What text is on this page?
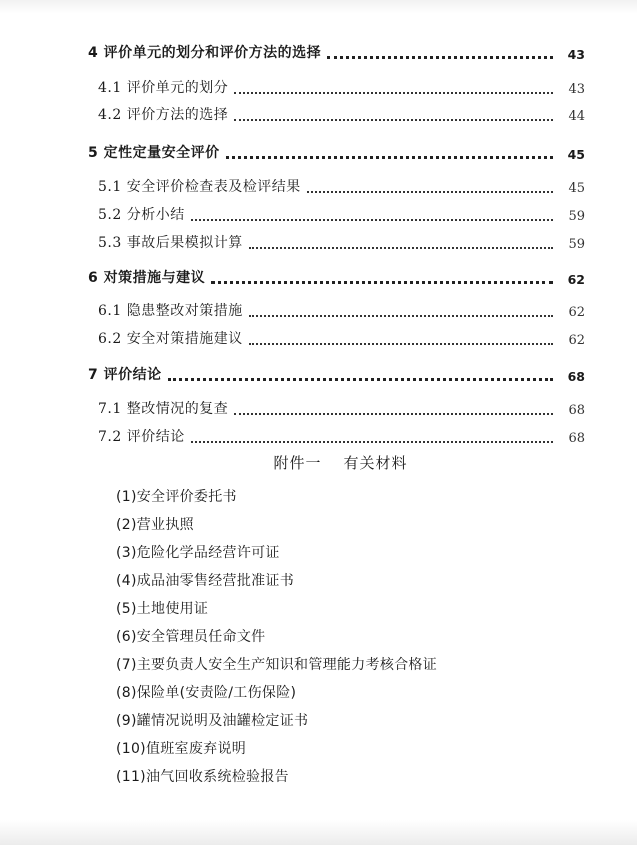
4 评价单元的划分和评价方法的选择	43
4.1 评价单元的划分	43
4.2 评价方法的选择	44
5 定性定量安全评价	45
5.1 安全评价检查表及检评结果	45
5.2 分析小结	59
5.3 事故后果模拟计算	59
6 对策措施与建议	62
6.1 隐患整改对策措施	62
6.2 安全对策措施建议	62
7 评价结论	68
7.1 整改情况的复查	68
7.2 评价结论	68
附件一 有关材料
(1)安全评价委托书
(2)营业执照
(3)危险化学品经营许可证
(4)成品油零售经营批准证书
(5)土地使用证
(6)安全管理员任命文件
(7)主要负责人安全生产知识和管理能力考核合格证
(8)保险单(安责险/工伤保险)
(9)罐情况说明及油罐检定证书
(10)值班室废弃说明
(11)油气回收系统检验报告
